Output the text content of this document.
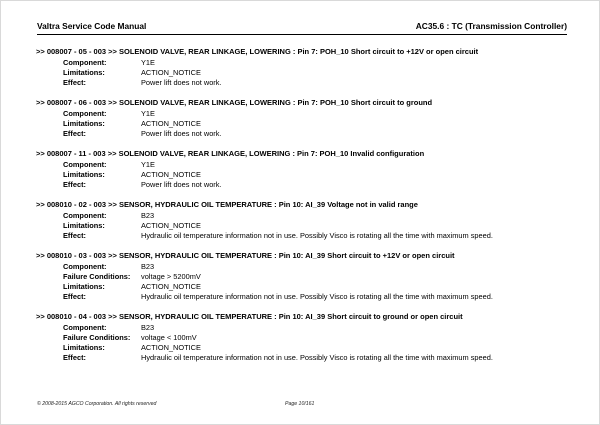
Valtra Service Code Manual	AC35.6 : TC (Transmission Controller)
>> 008007 - 05 - 003 >> SOLENOID VALVE, REAR LINKAGE, LOWERING : Pin 7: POH_10 Short circuit to +12V or open circuit
Component:	Y1E
Limitations:	ACTION_NOTICE
Effect:	Power lift does not work.
>> 008007 - 06 - 003 >> SOLENOID VALVE, REAR LINKAGE, LOWERING : Pin 7: POH_10 Short circuit to ground
Component:	Y1E
Limitations:	ACTION_NOTICE
Effect:	Power lift does not work.
>> 008007 - 11 - 003 >> SOLENOID VALVE, REAR LINKAGE, LOWERING : Pin 7: POH_10 Invalid configuration
Component:	Y1E
Limitations:	ACTION_NOTICE
Effect:	Power lift does not work.
>> 008010 - 02 - 003 >> SENSOR, HYDRAULIC OIL TEMPERATURE : Pin 10: AI_39 Voltage not in valid range
Component:	B23
Limitations:	ACTION_NOTICE
Effect:	Hydraulic oil temperature information not in use. Possibly Visco is rotating all the time with maximum speed.
>> 008010 - 03 - 003 >> SENSOR, HYDRAULIC OIL TEMPERATURE : Pin 10: AI_39 Short circuit to +12V or open circuit
Component:	B23
Failure Conditions:	voltage > 5200mV
Limitations:	ACTION_NOTICE
Effect:	Hydraulic oil temperature information not in use. Possibly Visco is rotating all the time with maximum speed.
>> 008010 - 04 - 003 >> SENSOR, HYDRAULIC OIL TEMPERATURE : Pin 10: AI_39 Short circuit to ground or open circuit
Component:	B23
Failure Conditions:	voltage < 100mV
Limitations:	ACTION_NOTICE
Effect:	Hydraulic oil temperature information not in use. Possibly Visco is rotating all the time with maximum speed.
© 2008-2015 AGCO Corporation. All rights reserved	Page 10/161
